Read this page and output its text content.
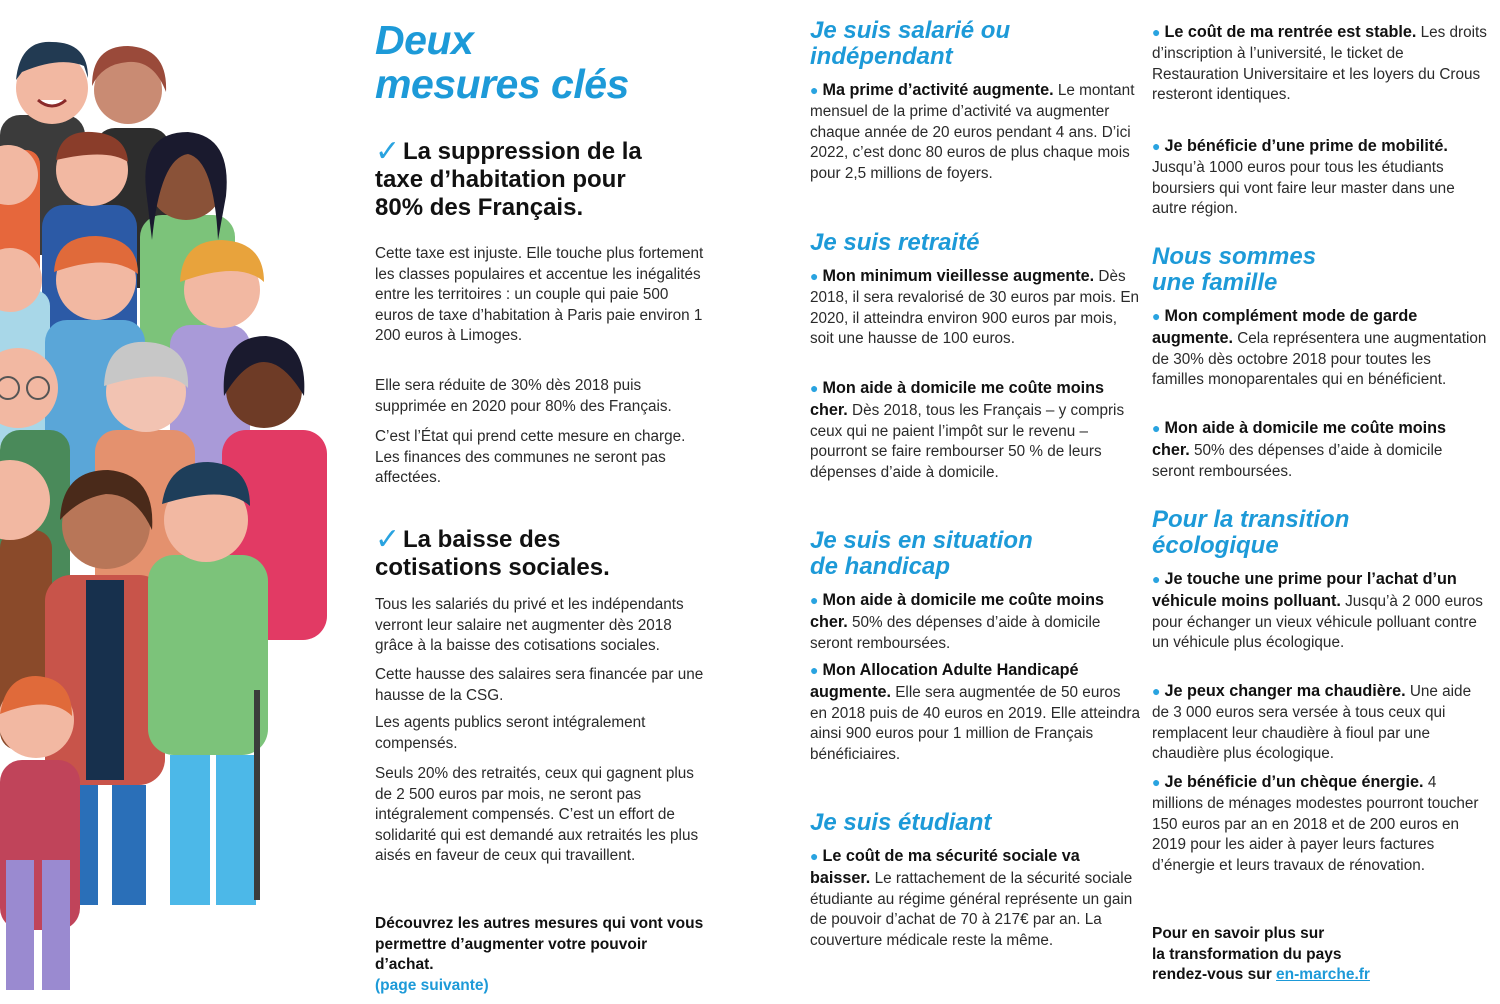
Deux
mesures clés
✓ La suppression de la
taxe d’habitation pour
80% des Français.

Cette taxe est injuste. Elle touche plus fortement les classes populaires et accentue les inégalités entre les territoires : un couple qui paie 500 euros de taxe d’habitation à Paris paie environ 1 200 euros à Limoges.

Elle sera réduite de 30% dès 2018 puis supprimée en 2020 pour 80% des Français.

C’est l’État qui prend cette mesure en charge. Les finances des communes ne seront pas affectées.

✓ La baisse des
cotisations sociales.

Tous les salariés du privé et les indépendants verront leur salaire net augmenter dès 2018 grâce à la baisse des cotisations sociales.

Cette hausse des salaires sera financée par une hausse de la CSG.

Les agents publics seront intégralement compensés.

Seuls 20% des retraités, ceux qui gagnent plus de 2 500 euros par mois, ne seront pas intégralement compensés. C’est un effort de solidarité qui est demandé aux retraités les plus aisés en faveur de ceux qui travaillent.

Découvrez les autres mesures qui vont vous permettre d’augmenter votre pouvoir d’achat.
(page suivante)

Je suis salarié ou
indépendant

● Ma prime d’activité augmente. Le montant mensuel de la prime d’activité va augmenter chaque année de 20 euros pendant 4 ans. D’ici 2022, c’est donc 80 euros de plus chaque mois pour 2,5 millions de foyers.

Je suis retraité

● Mon minimum vieillesse augmente. Dès 2018, il sera revalorisé de 30 euros par mois. En 2020, il atteindra environ 900 euros par mois, soit une hausse de 100 euros.

● Mon aide à domicile me coûte moins cher. Dès 2018, tous les Français – y compris ceux qui ne paient l’impôt sur le revenu – pourront se faire rembourser 50 % de leurs dépenses d’aide à domicile.

Je suis en situation
de handicap

● Mon aide à domicile me coûte moins cher. 50% des dépenses d’aide à domicile seront remboursées.

● Mon Allocation Adulte Handicapé augmente. Elle sera augmentée de 50 euros en 2018 puis de 40 euros en 2019. Elle atteindra ainsi 900 euros pour 1 million de Français bénéficiaires.

Je suis étudiant

● Le coût de ma sécurité sociale va baisser. Le rattachement de la sécurité sociale étudiante au régime général représente un gain de pouvoir d’achat de 70 à 217€ par an. La couverture médicale reste la même.

● Le coût de ma rentrée est stable. Les droits d’inscription à l’université, le ticket de Restauration Universitaire et les loyers du Crous resteront identiques.

● Je bénéficie d’une prime de mobilité. Jusqu’à 1000 euros pour tous les étudiants boursiers qui vont faire leur master dans une autre région.

Nous sommes
une famille

● Mon complément mode de garde augmente. Cela représentera une augmentation de 30% dès octobre 2018 pour toutes les familles monoparentales qui en bénéficient.

● Mon aide à domicile me coûte moins cher. 50% des dépenses d’aide à domicile seront remboursées.

Pour la transition
écologique

● Je touche une prime pour l’achat d’un véhicule moins polluant. Jusqu’à 2 000 euros pour échanger un vieux véhicule polluant contre un véhicule plus écologique.

● Je peux changer ma chaudière. Une aide de 3 000 euros sera versée à tous ceux qui remplacent leur chaudière à fioul par une chaudière plus écologique.

● Je bénéficie d’un chèque énergie. 4 millions de ménages modestes pourront toucher 150 euros par an en 2018 et de 200 euros en 2019 pour les aider à payer leurs factures d’énergie et leurs travaux de rénovation.

Pour en savoir plus sur
la transformation du pays
rendez-vous sur en-marche.fr
